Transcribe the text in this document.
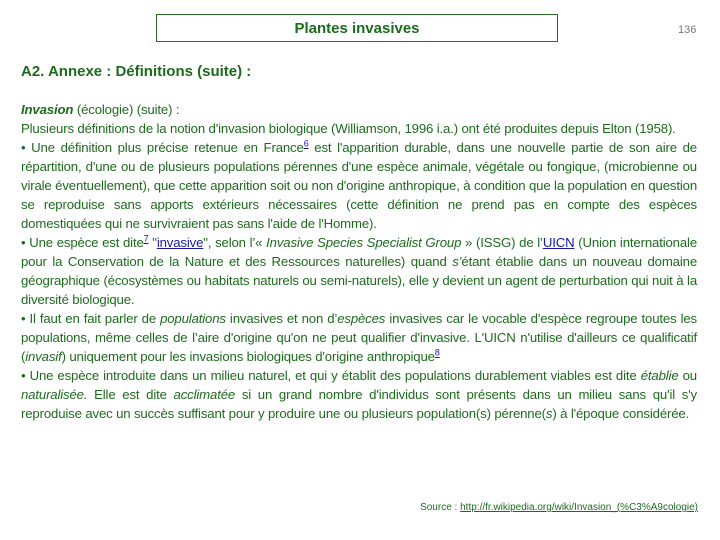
Plantes invasives	136
A2. Annexe : Définitions (suite) :

Invasion (écologie) (suite) :

Plusieurs définitions de la notion d'invasion biologique (Williamson, 1996 i.a.) ont été produites depuis Elton (1958).

• Une définition plus précise retenue en France$^6$ est l'apparition durable, dans une nouvelle partie de son aire de répartition, d'une ou de plusieurs populations pérennes d'une espèce animale, végétale ou fongique, (microbienne ou virale éventuellement), que cette apparition soit ou non d'origine anthropique, à condition que la population en question se reproduise sans apports extérieurs nécessaires (cette définition ne prend pas en compte des espèces domestiquées qui ne survivraient pas sans l'aide de l'Homme).

• Une espèce est dite$^7$ "invasive", selon l’« Invasive Species Specialist Group » (ISSG) de l’UICN (Union internationale pour la Conservation de la Nature et des Ressources naturelles) quand s’étant établie dans un nouveau domaine géographique (écosystèmes ou habitats naturels ou semi-naturels), elle y devient un agent de perturbation qui nuit à la diversité biologique.

• Il faut en fait parler de populations invasives et non d’espèces invasives car le vocable d'espèce regroupe toutes les populations, même celles de l’aire d'origine qu'on ne peut qualifier d'invasive. L'UICN n'utilise d'ailleurs ce qualificatif (invasif) uniquement pour les invasions biologiques d'origine anthropique$^8$

• Une espèce introduite dans un milieu naturel, et qui y établit des populations durablement viables est dite établie ou naturalisée. Elle est dite acclimatée si un grand nombre d'individus sont présents dans un milieu sans qu'il s'y reproduise avec un succès suffisant pour y produire une ou plusieurs population(s) pérenne(s) à l'époque considérée.

Source : http://fr.wikipedia.org/wiki/Invasion_(%C3%A9cologie)
